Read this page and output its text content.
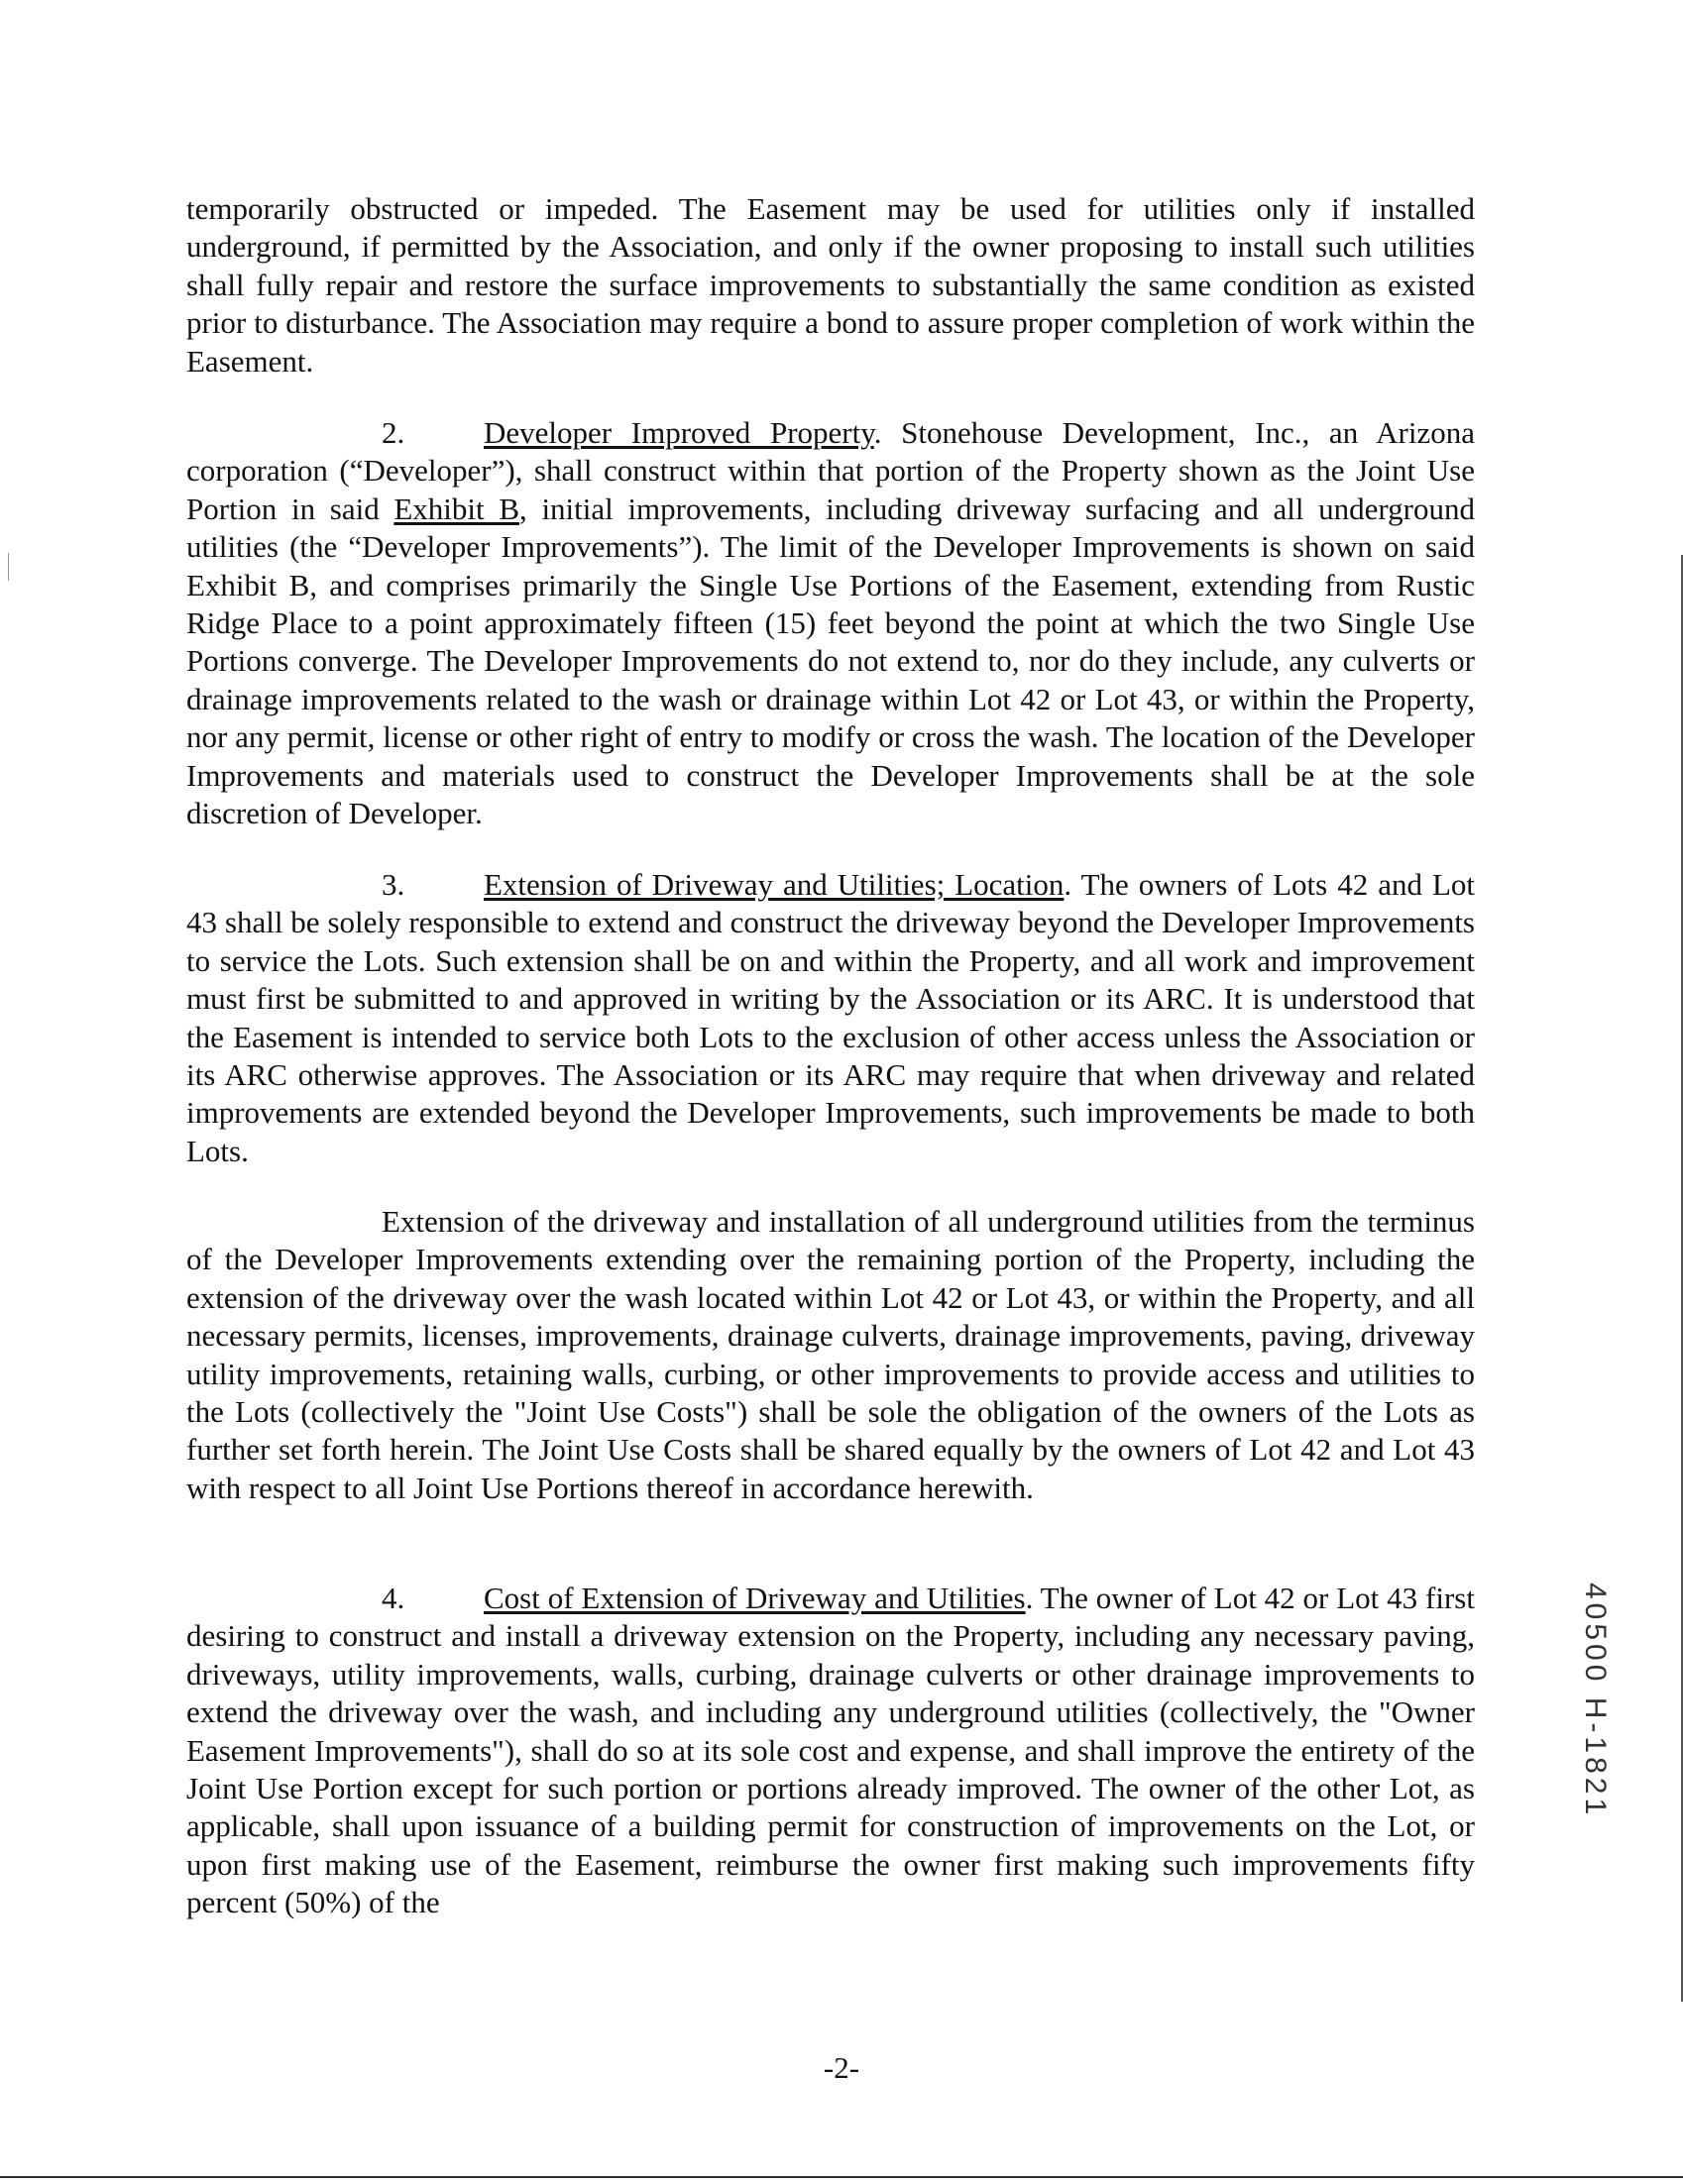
temporarily obstructed or impeded. The Easement may be used for utilities only if installed underground, if permitted by the Association, and only if the owner proposing to install such utilities shall fully repair and restore the surface improvements to substantially the same condition as existed prior to disturbance. The Association may require a bond to assure proper completion of work within the Easement.

2.	Developer Improved Property. Stonehouse Development, Inc., an Arizona corporation (“Developer”), shall construct within that portion of the Property shown as the Joint Use Portion in said Exhibit B, initial improvements, including driveway surfacing and all underground utilities (the “Developer Improvements”). The limit of the Developer Improvements is shown on said Exhibit B, and comprises primarily the Single Use Portions of the Easement, extending from Rustic Ridge Place to a point approximately fifteen (15) feet beyond the point at which the two Single Use Portions converge. The Developer Improvements do not extend to, nor do they include, any culverts or drainage improvements related to the wash or drainage within Lot 42 or Lot 43, or within the Property, nor any permit, license or other right of entry to modify or cross the wash. The location of the Developer Improvements and materials used to construct the Developer Improvements shall be at the sole discretion of Developer.

3.	Extension of Driveway and Utilities; Location. The owners of Lots 42 and Lot 43 shall be solely responsible to extend and construct the driveway beyond the Developer Improvements to service the Lots. Such extension shall be on and within the Property, and all work and improvement must first be submitted to and approved in writing by the Association or its ARC. It is understood that the Easement is intended to service both Lots to the exclusion of other access unless the Association or its ARC otherwise approves. The Association or its ARC may require that when driveway and related improvements are extended beyond the Developer Improvements, such improvements be made to both Lots.

Extension of the driveway and installation of all underground utilities from the terminus of the Developer Improvements extending over the remaining portion of the Property, including the extension of the driveway over the wash located within Lot 42 or Lot 43, or within the Property, and all necessary permits, licenses, improvements, drainage culverts, drainage improvements, paving, driveway utility improvements, retaining walls, curbing, or other improvements to provide access and utilities to the Lots (collectively the "Joint Use Costs") shall be sole the obligation of the owners of the Lots as further set forth herein. The Joint Use Costs shall be shared equally by the owners of Lot 42 and Lot 43 with respect to all Joint Use Portions thereof in accordance herewith.

4.	Cost of Extension of Driveway and Utilities. The owner of Lot 42 or Lot 43 first desiring to construct and install a driveway extension on the Property, including any necessary paving, driveways, utility improvements, walls, curbing, drainage culverts or other drainage improvements to extend the driveway over the wash, and including any underground utilities (collectively, the "Owner Easement Improvements"), shall do so at its sole cost and expense, and shall improve the entirety of the Joint Use Portion except for such portion or portions already improved. The owner of the other Lot, as applicable, shall upon issuance of a building permit for construction of improvements on the Lot, or upon first making use of the Easement, reimburse the owner first making such improvements fifty percent (50%) of the

-2-
40500 H-1821
